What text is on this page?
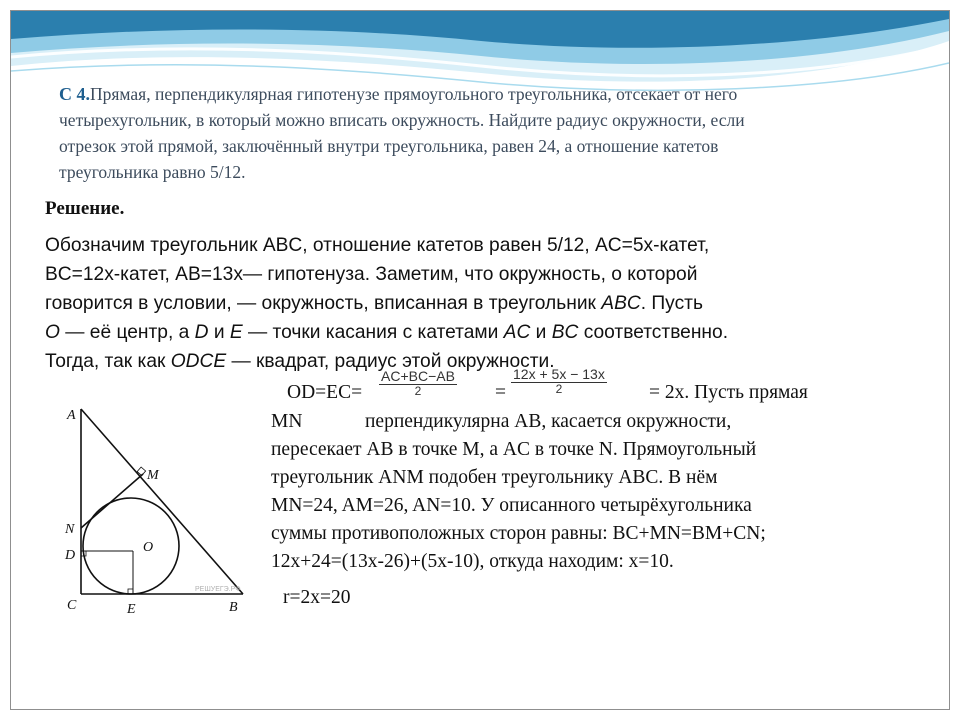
С 4.Прямая, перпендикулярная гипотенузе прямоугольного треугольника, отсекает от него
четырехугольник, в который можно вписать окружность. Найдите радиус окружности, если
отрезок этой прямой, заключённый внутри треугольника, равен 24, а отношение катетов
треугольника равно 5/12.
Решение.
Обозначим треугольник ABC, отношение катетов равен 5/12, AC=5x-катет,
BC=12x-катет, AB=13x— гипотенуза. Заметим, что окружность, о которой
говорится в условии, — окружность, вписанная в треугольник ABC. Пусть
O — её центр, а D и E — точки касания с катетами AC и BC соответственно.
Тогда, так как ODCE — квадрат, радиус этой окружности.
$OD=EC= \frac{AC+BC-AB}{2} = \frac{12x + 5x - 13x}{2} = 2x$. Пусть прямая
MN	перпендикулярна AB, касается окружности,
пересекает AB в точке M, а AC в точке N. Прямоугольный
треугольник ANM подобен треугольнику ABC. В нём
MN=24, AM=26, AN=10. У описанного четырёхугольника
суммы противоположных сторон равны: BC+MN=BM+CN;
12x+24=(13x-26)+(5x-10), откуда находим: x=10.
r=2x=20
A
M
N
D
O
C	E	B
РЕШУЕГЭ.РФ
